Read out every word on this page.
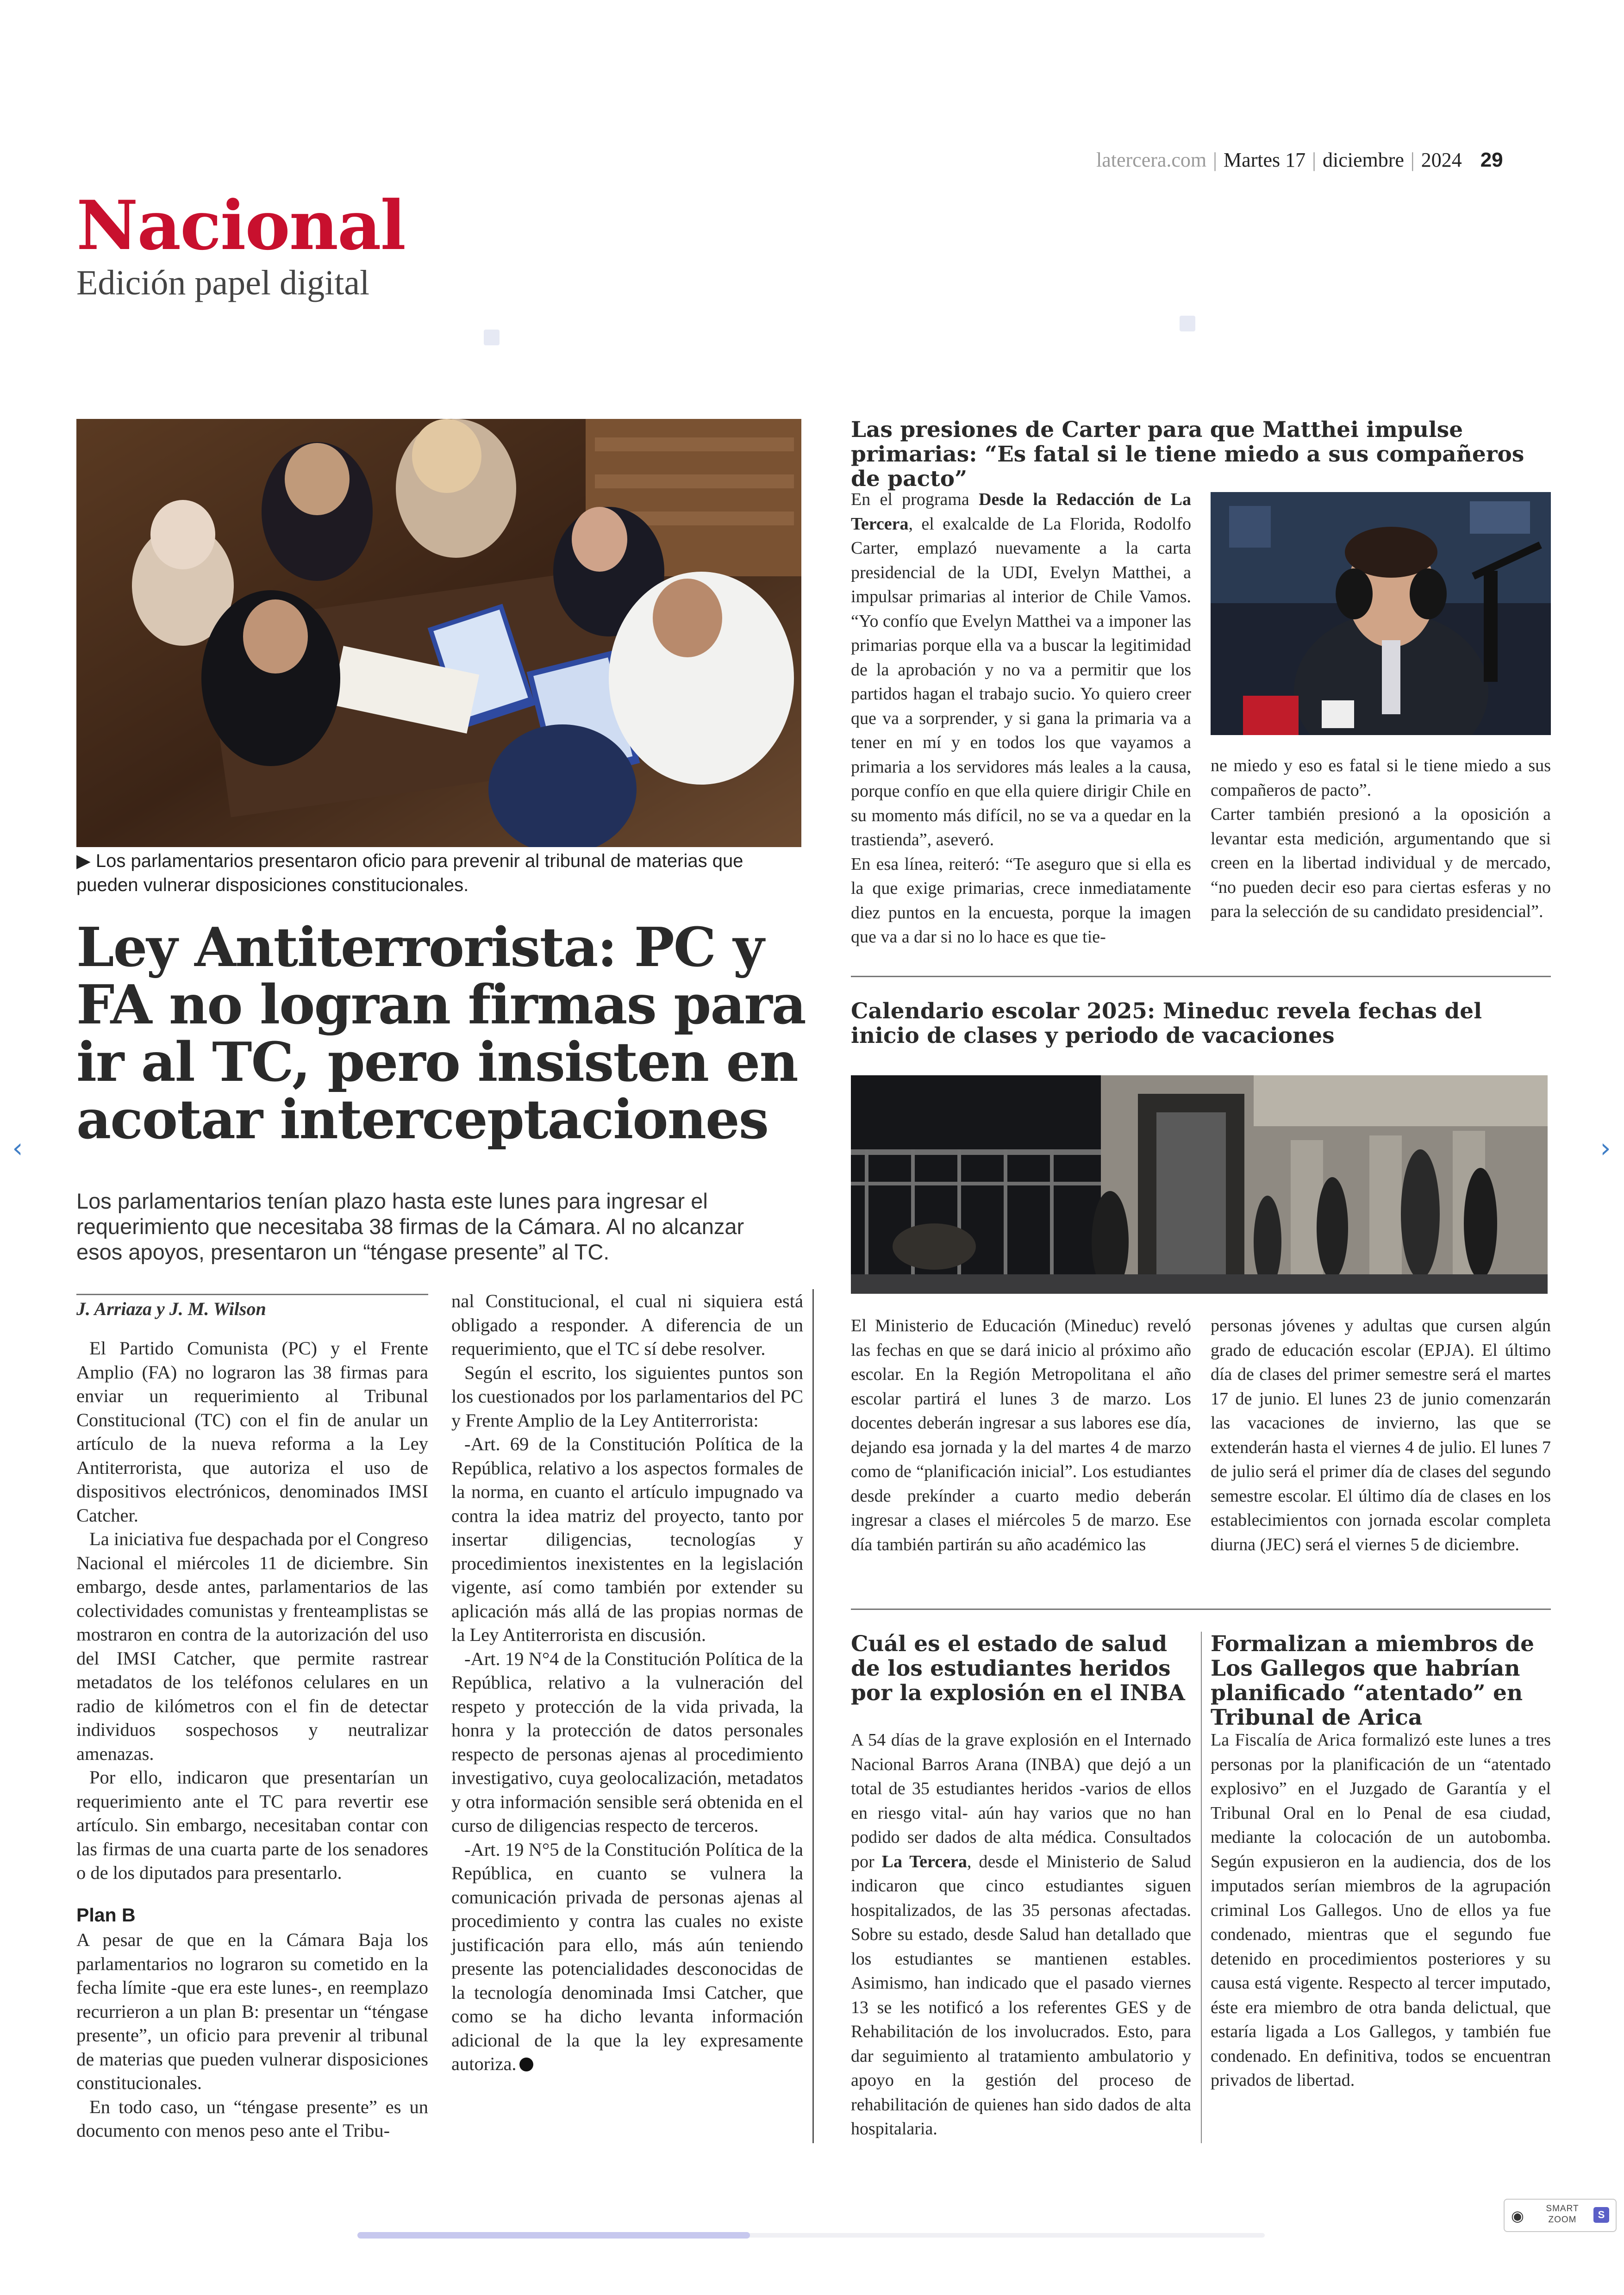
latercera.com | Martes 17 | diciembre | 2024 29
Nacional
Edición papel digital
▶ Los parlamentarios presentaron oficio para prevenir al tribunal de materias que pueden vulnerar disposiciones constitucionales.
Ley Antiterrorista: PC y FA no logran firmas para ir al TC, pero insisten en acotar interceptaciones
Los parlamentarios tenían plazo hasta este lunes para ingresar el requerimiento que necesitaba 38 firmas de la Cámara. Al no alcanzar esos apoyos, presentaron un “téngase presente” al TC.
J. Arriaza y J. M. Wilson

El Partido Comunista (PC) y el Frente Amplio (FA) no lograron las 38 firmas para enviar un requerimiento al Tribunal Constitucional (TC) con el fin de anular un artículo de la nueva reforma a la Ley Antiterrorista, que autoriza el uso de dispositivos electrónicos, denominados IMSI Catcher.

La iniciativa fue despachada por el Congreso Nacional el miércoles 11 de diciembre. Sin embargo, desde antes, parlamentarios de las colectividades comunistas y frenteamplistas se mostraron en contra de la autorización del uso del IMSI Catcher, que permite rastrear metadatos de los teléfonos celulares en un radio de kilómetros con el fin de detectar individuos sospechosos y neutralizar amenazas.

Por ello, indicaron que presentarían un requerimiento ante el TC para revertir ese artículo. Sin embargo, necesitaban contar con las firmas de una cuarta parte de los senadores o de los diputados para presentarlo.

Plan B

A pesar de que en la Cámara Baja los parlamentarios no lograron su cometido en la fecha límite -que era este lunes-, en reemplazo recurrieron a un plan B: presentar un “téngase presente”, un oficio para prevenir al tribunal de materias que pueden vulnerar disposiciones constitucionales.

En todo caso, un “téngase presente” es un documento con menos peso ante el Tribu-

nal Constitucional, el cual ni siquiera está obligado a responder. A diferencia de un requerimiento, que el TC sí debe resolver.

Según el escrito, los siguientes puntos son los cuestionados por los parlamentarios del PC y Frente Amplio de la Ley Antiterrorista:

-Art. 69 de la Constitución Política de la República, relativo a los aspectos formales de la norma, en cuanto el artículo impugnado va contra la idea matriz del proyecto, tanto por insertar diligencias, tecnologías y procedimientos inexistentes en la legislación vigente, así como también por extender su aplicación más allá de las propias normas de la Ley Antiterrorista en discusión.

-Art. 19 N°4 de la Constitución Política de la República, relativo a la vulneración del respeto y protección de la vida privada, la honra y la protección de datos personales respecto de personas ajenas al procedimiento investigativo, cuya geolocalización, metadatos y otra información sensible será obtenida en el curso de diligencias respecto de terceros.

-Art. 19 N°5 de la Constitución Política de la República, en cuanto se vulnera la comunicación privada de personas ajenas al procedimiento y contra las cuales no existe justificación para ello, más aún teniendo presente las potencialidades desconocidas de la tecnología denominada Imsi Catcher, que como se ha dicho levanta información adicional de la que la ley expresamente autoriza.

Las presiones de Carter para que Matthei impulse primarias: “Es fatal si le tiene miedo a sus compañeros de pacto”

En el programa Desde la Redacción de La Tercera, el exalcalde de La Florida, Rodolfo Carter, emplazó nuevamente a la carta presidencial de la UDI, Evelyn Matthei, a impulsar primarias al interior de Chile Vamos. “Yo confío que Evelyn Matthei va a imponer las primarias porque ella va a buscar la legitimidad de la aprobación y no va a permitir que los partidos hagan el trabajo sucio. Yo quiero creer que va a sorprender, y si gana la primaria va a tener en mí y en todos los que vayamos a primaria a los servidores más leales a la causa, porque confío en que ella quiere dirigir Chile en su momento más difícil, no se va a quedar en la trastienda”, aseveró.

En esa línea, reiteró: “Te aseguro que si ella es la que exige primarias, crece inmediatamente diez puntos en la encuesta, porque la imagen que va a dar si no lo hace es que tie-

ne miedo y eso es fatal si le tiene miedo a sus compañeros de pacto”.

Carter también presionó a la oposición a levantar esta medición, argumentando que si creen en la libertad individual y de mercado, “no pueden decir eso para ciertas esferas y no para la selección de su candidato presidencial”.

Calendario escolar 2025: Mineduc revela fechas del inicio de clases y periodo de vacaciones

El Ministerio de Educación (Mineduc) reveló las fechas en que se dará inicio al próximo año escolar. En la Región Metropolitana el año escolar partirá el lunes 3 de marzo. Los docentes deberán ingresar a sus labores ese día, dejando esa jornada y la del martes 4 de marzo como de “planificación inicial”. Los estudiantes desde prekínder a cuarto medio deberán ingresar a clases el miércoles 5 de marzo. Ese día también partirán su año académico las

personas jóvenes y adultas que cursen algún grado de educación escolar (EPJA). El último día de clases del primer semestre será el martes 17 de junio. El lunes 23 de junio comenzarán las vacaciones de invierno, las que se extenderán hasta el viernes 4 de julio. El lunes 7 de julio será el primer día de clases del segundo semestre escolar. El último día de clases en los establecimientos con jornada escolar completa diurna (JEC) será el viernes 5 de diciembre.

Cuál es el estado de salud de los estudiantes heridos por la explosión en el INBA

A 54 días de la grave explosión en el Internado Nacional Barros Arana (INBA) que dejó a un total de 35 estudiantes heridos -varios de ellos en riesgo vital- aún hay varios que no han podido ser dados de alta médica. Consultados por La Tercera, desde el Ministerio de Salud indicaron que cinco estudiantes siguen hospitalizados, de las 35 personas afectadas. Sobre su estado, desde Salud han detallado que los estudiantes se mantienen estables. Asimismo, han indicado que el pasado viernes 13 se les notificó a los referentes GES y de Rehabilitación de los involucrados. Esto, para dar seguimiento al tratamiento ambulatorio y apoyo en la gestión del proceso de rehabilitación de quienes han sido dados de alta hospitalaria.

Formalizan a miembros de Los Gallegos que habrían planificado “atentado” en Tribunal de Arica

La Fiscalía de Arica formalizó este lunes a tres personas por la planificación de un “atentado explosivo” en el Juzgado de Garantía y el Tribunal Oral en lo Penal de esa ciudad, mediante la colocación de un autobomba. Según expusieron en la audiencia, dos de los imputados serían miembros de la agrupación criminal Los Gallegos. Uno de ellos ya fue condenado, mientras que el segundo fue detenido en procedimientos posteriores y su causa está vigente. Respecto al tercer imputado, éste era miembro de otra banda delictual, que estaría ligada a Los Gallegos, y también fue condenado. En definitiva, todos se encuentran privados de libertad.

‹	›
◉	SMART ZOOM	S
